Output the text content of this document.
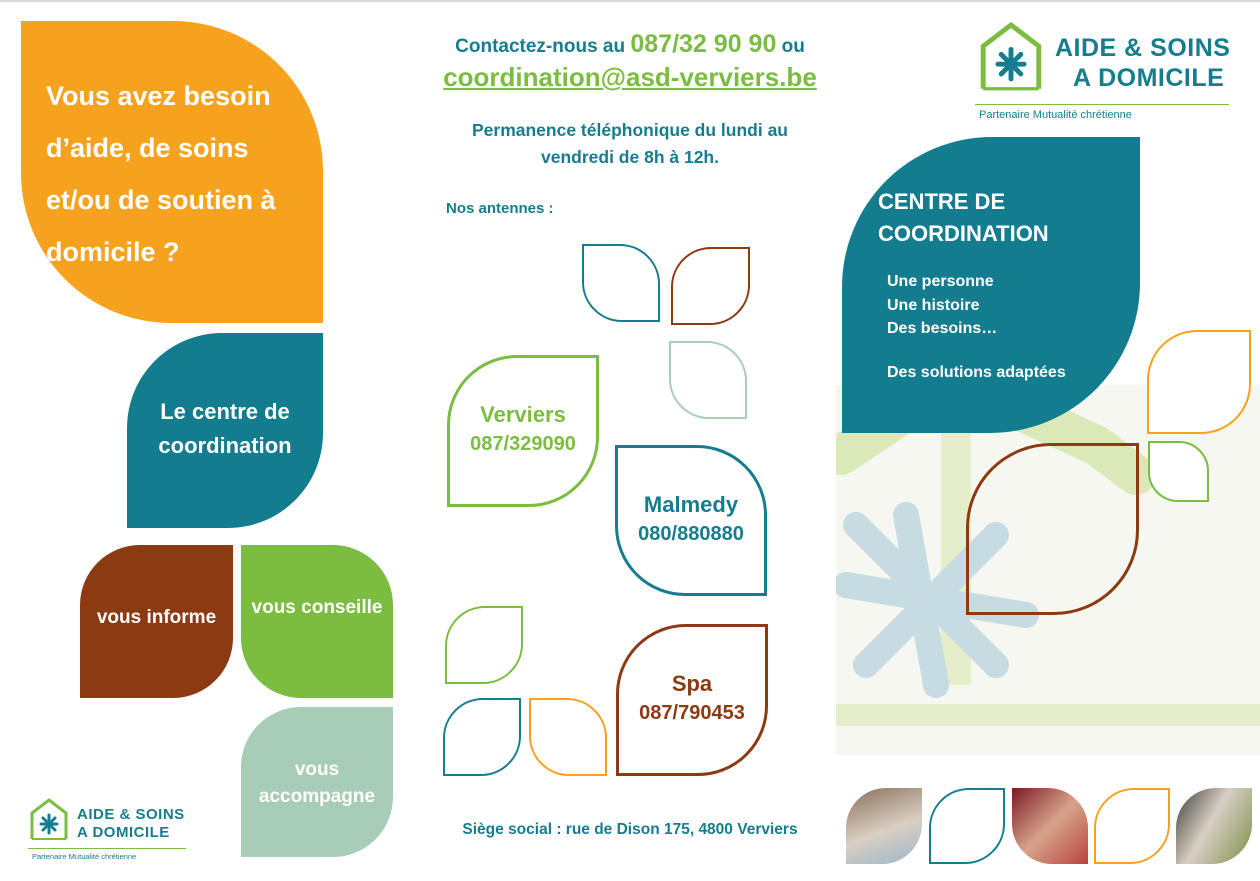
Vous avez besoin d’aide, de soins et/ou de soutien à domicile ?
Le centre de coordination
vous informe	vous conseille
vous accompagne
AIDE & SOINS
A DOMICILE
Partenaire Mutualité chrétienne
Contactez-nous au 087/32 90 90 ou
coordination@asd-verviers.be
Permanence téléphonique du lundi au vendredi de 8h à 12h.
Nos antennes :
Verviers
087/329090
Malmedy
080/880880
Spa
087/790453
Siège social : rue de Dison 175, 4800 Verviers
CENTRE DE COORDINATION
Une personne
Une histoire
Des besoins…
Des solutions adaptées
AIDE & SOINS
A DOMICILE
Partenaire Mutualité chrétienne
